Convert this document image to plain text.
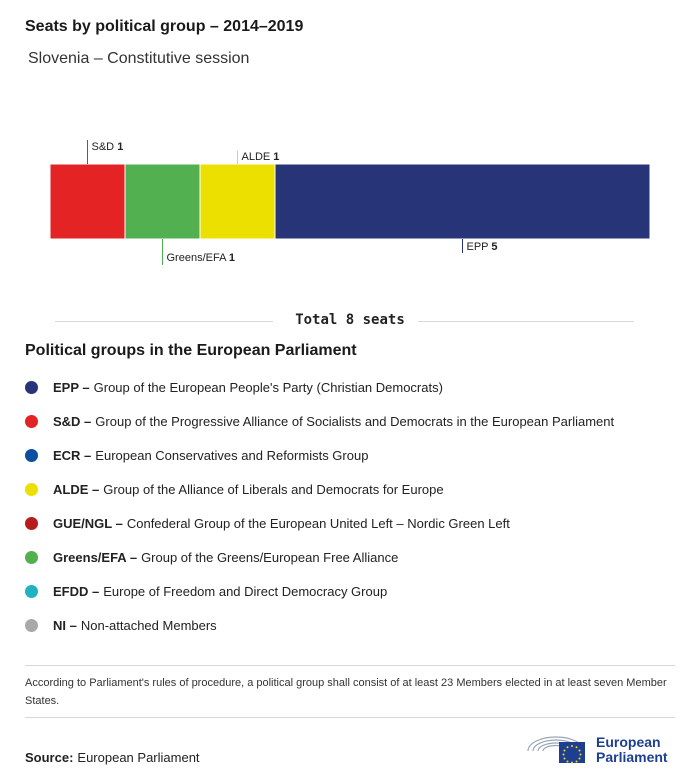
Seats by political group – 2014–2019
Slovenia – Constitutive session
S&D 1
Greens/EFA 1
ALDE 1
EPP 5
Total 8 seats
Political groups in the European Parliament
EPP – Group of the European People's Party (Christian Democrats)
S&D – Group of the Progressive Alliance of Socialists and Democrats in the European Parliament
ECR – European Conservatives and Reformists Group
ALDE – Group of the Alliance of Liberals and Democrats for Europe
GUE/NGL – Confederal Group of the European United Left – Nordic Green Left
Greens/EFA – Group of the Greens/European Free Alliance
EFDD – Europe of Freedom and Direct Democracy Group
NI – Non-attached Members
According to Parliament's rules of procedure, a political group shall consist of at least 23 Members elected in at least seven Member States.
Source: European Parliament
European
Parliament
